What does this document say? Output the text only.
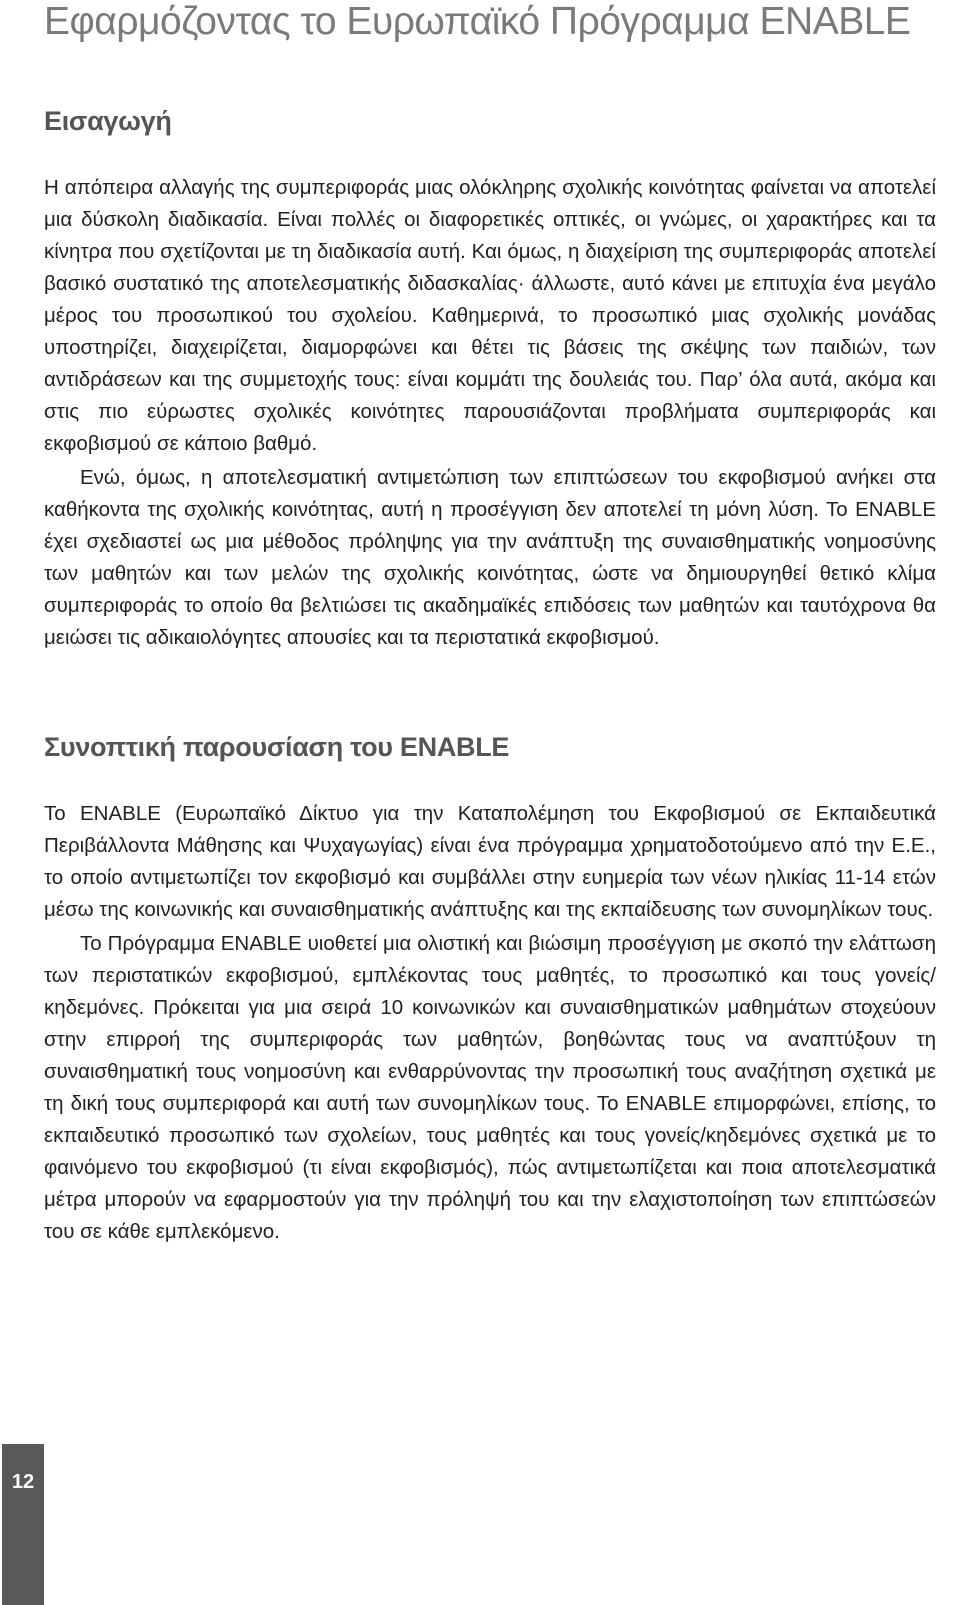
Εφαρμόζοντας το Ευρωπαϊκό Πρόγραμμα ENABLE
Εισαγωγή

Η απόπειρα αλλαγής της συμπεριφοράς μιας ολόκληρης σχολικής κοινότητας φαίνεται να αποτελεί μια δύσκολη διαδικασία. Είναι πολλές οι διαφορετικές οπτικές, οι γνώμες, οι χαρακτήρες και τα κίνητρα που σχετίζονται με τη διαδικασία αυτή. Και όμως, η διαχείριση της συμπεριφοράς αποτελεί βασικό συστατικό της αποτελεσματικής διδασκαλίας· άλλωστε, αυτό κάνει με επιτυχία ένα μεγάλο μέρος του προσωπικού του σχολείου. Καθημερινά, το προσωπικό μιας σχολικής μονάδας υποστηρίζει, διαχειρίζεται, διαμορφώνει και θέτει τις βάσεις της σκέψης των παιδιών, των αντιδράσεων και της συμμετοχής τους: είναι κομμάτι της δουλειάς του. Παρ’ όλα αυτά, ακόμα και στις πιο εύρωστες σχολικές κοινότητες παρουσιάζονται προβλήματα συμπεριφοράς και εκφοβισμού σε κάποιο βαθμό.

Ενώ, όμως, η αποτελεσματική αντιμετώπιση των επιπτώσεων του εκφοβισμού ανήκει στα καθήκοντα της σχολικής κοινότητας, αυτή η προσέγγιση δεν αποτελεί τη μόνη λύση. Το ENABLE έχει σχεδιαστεί ως μια μέθοδος πρόληψης για την ανάπτυξη της συναισθηματικής νοημοσύνης των μαθητών και των μελών της σχολικής κοινότητας, ώστε να δημιουργηθεί θετικό κλίμα συμπεριφοράς το οποίο θα βελτιώσει τις ακαδημαϊκές επιδόσεις των μαθητών και ταυτόχρονα θα μειώσει τις αδικαιολόγητες απουσίες και τα περιστατικά εκφοβισμού.

Συνοπτική παρουσίαση του ENABLE

Το ENABLE (Ευρωπαϊκό Δίκτυο για την Καταπολέμηση του Εκφοβισμού σε Εκπαιδευτικά Περιβάλλοντα Μάθησης και Ψυχαγωγίας) είναι ένα πρόγραμμα χρηματοδοτούμενο από την Ε.Ε., το οποίο αντιμετωπίζει τον εκφοβισμό και συμβάλλει στην ευημερία των νέων ηλικίας 11-14 ετών μέσω της κοινωνικής και συναισθηματικής ανάπτυξης και της εκπαίδευσης των συνομηλίκων τους.

Το Πρόγραμμα ENABLE υιοθετεί μια ολιστική και βιώσιμη προσέγγιση με σκοπό την ελάττωση των περιστατικών εκφοβισμού, εμπλέκοντας τους μαθητές, το προσωπικό και τους γονείς/κηδεμόνες. Πρόκειται για μια σειρά 10 κοινωνικών και συναισθηματικών μαθημάτων στοχεύουν στην επιρροή της συμπεριφοράς των μαθητών, βοηθώντας τους να αναπτύξουν τη συναισθηματική τους νοημοσύνη και ενθαρρύνοντας την προσωπική τους αναζήτηση σχετικά με τη δική τους συμπεριφορά και αυτή των συνομηλίκων τους. Το ENABLE επιμορφώνει, επίσης, το εκπαιδευτικό προσωπικό των σχολείων, τους μαθητές και τους γονείς/κηδεμόνες σχετικά με το φαινόμενο του εκφοβισμού (τι είναι εκφοβισμός), πώς αντιμετωπίζεται και ποια αποτελεσματικά μέτρα μπορούν να εφαρμοστούν για την πρόληψή του και την ελαχιστοποίηση των επιπτώσεών του σε κάθε εμπλεκόμενο.

12
